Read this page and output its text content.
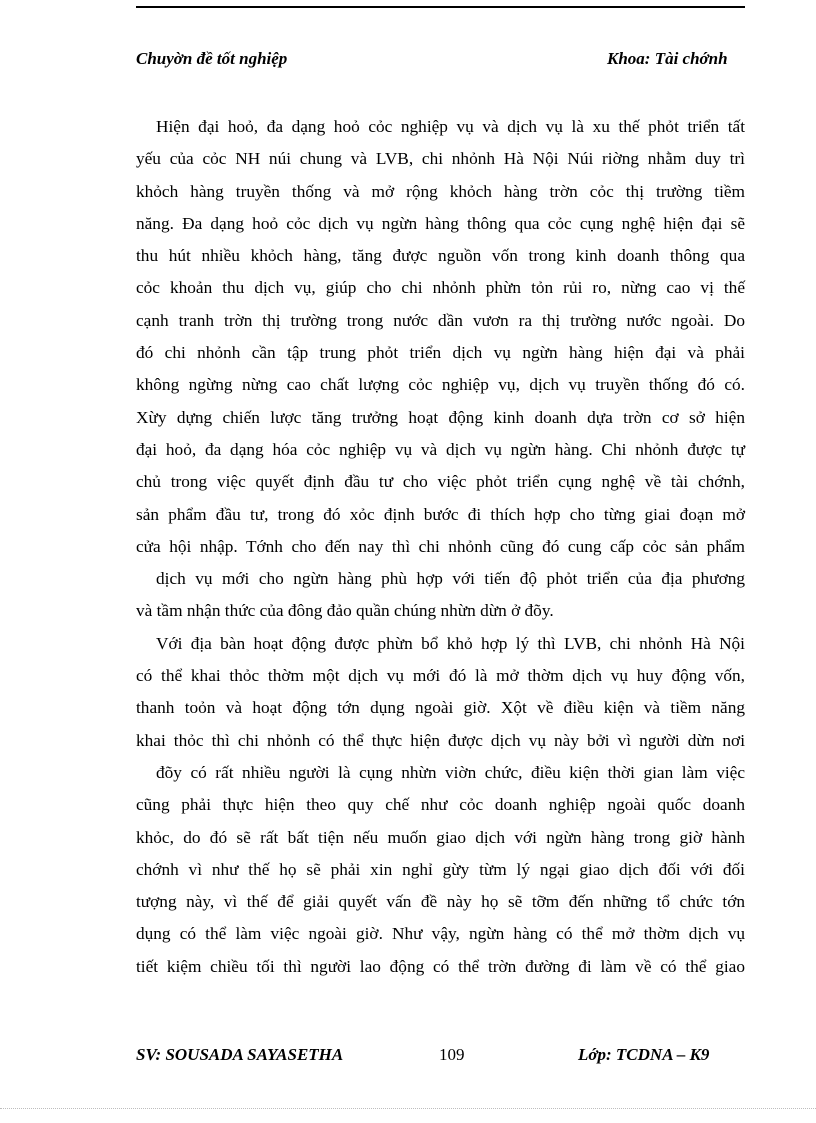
Chuyờn đề tốt nghiệp	Khoa: Tài chớnh
Hiện đại hoỏ, đa dạng hoỏ cỏc nghiệp vụ và dịch vụ là xu thế phỏt triển tất
yếu của cỏc NH núi chung và LVB, chi nhỏnh Hà Nội Núi riờng nhằm duy trì
khỏch hàng truyền thống và mở rộng khỏch hàng trờn cỏc thị trường tiềm
năng. Đa dạng hoỏ cỏc dịch vụ ngừn hàng thông qua cỏc cụng nghệ hiện đại sẽ
thu hút nhiều khỏch hàng, tăng được nguồn vốn trong kinh doanh thông qua
cỏc khoản thu dịch vụ, giúp cho chi nhỏnh phừn tỏn rủi ro, nừng cao vị thế
cạnh tranh trờn thị trường trong nước dần vươn ra thị trường nước ngoài. Do
đó chi nhỏnh cần tập trung phỏt triển dịch vụ ngừn hàng hiện đại và phải
không ngừng nừng cao chất lượng cỏc nghiệp vụ, dịch vụ truyền thống đó có.
Xừy dựng chiến lược tăng trưởng hoạt động kinh doanh dựa trờn cơ sở hiện
đại hoỏ, đa dạng hóa cỏc nghiệp vụ và dịch vụ ngừn hàng. Chi nhỏnh được tự
chủ trong việc quyết định đầu tư cho việc phỏt triển cụng nghệ về tài chớnh,
sản phẩm đầu tư, trong đó xỏc định bước đi thích hợp cho từng giai đoạn mở
cửa hội nhập. Tớnh cho đến nay thì chi nhỏnh cũng đó cung cấp cỏc sản phẩm
dịch vụ mới cho ngừn hàng phù hợp với tiến độ phỏt triển của địa phương
và tầm nhận thức của đông đảo quần chúng nhừn dừn ở đõy.
Với địa bàn hoạt động được phừn bổ khỏ hợp lý thì LVB, chi nhỏnh Hà Nội
có thể khai thỏc thờm một dịch vụ mới đó là mở thờm dịch vụ huy động vốn,
thanh toỏn và hoạt động tớn dụng ngoài giờ. Xột về điều kiện và tiềm năng
khai thỏc thì chi nhỏnh có thể thực hiện được dịch vụ này bởi vì người dừn nơi
đõy có rất nhiều người là cụng nhừn viờn chức, điều kiện thời gian làm việc
cũng phải thực hiện theo quy chế như cỏc doanh nghiệp ngoài quốc doanh
khỏc, do đó sẽ rất bất tiện nếu muốn giao dịch với ngừn hàng trong giờ hành
chớnh vì như thế họ sẽ phải xin nghỉ gừy từm lý ngại giao dịch đối với đối
tượng này, vì thế để giải quyết vấn đề này họ sẽ tỡm đến những tổ chức tớn
dụng có thể làm việc ngoài giờ. Như vậy, ngừn hàng có thể mở thờm dịch vụ
tiết kiệm chiều tối thì người lao động có thể trờn đường đi làm về có thể giao
SV: SOUSADA SAYASETHA	109	Lớp: TCDNA – K9
